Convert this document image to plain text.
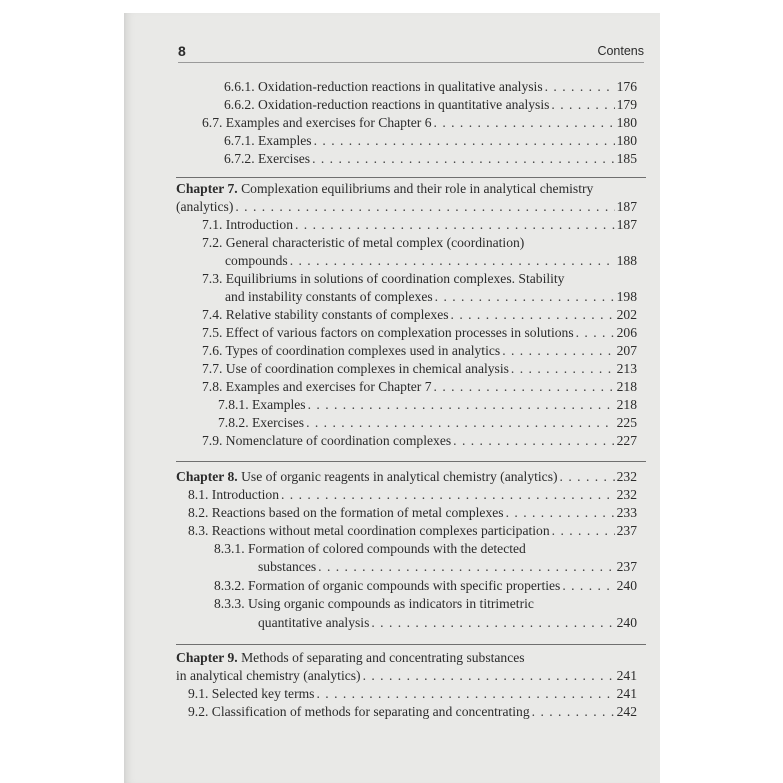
8	Contens
6.6.1. Oxidation-reduction reactions in qualitative analysis . . .	176
6.6.2. Oxidation-reduction reactions in quantitative analysis . . .	179
6.7. Examples and exercises for Chapter 6 . . .	180
6.7.1. Examples . . .	180
6.7.2. Exercises . . .	185
Chapter 7. Complexation equilibriums and their role in analytical chemistry
(analytics) . . .	187
7.1. Introduction . . .	187
7.2. General characteristic of metal complex (coordination)
compounds . . .	188
7.3. Equilibriums in solutions of coordination complexes. Stability
and instability constants of complexes . . .	198
7.4. Relative stability constants of complexes . . .	202
7.5. Effect of various factors on complexation processes in solutions . . .	206
7.6. Types of coordination complexes used in analytics . . .	207
7.7. Use of coordination complexes in chemical analysis . . .	213
7.8. Examples and exercises for Chapter 7 . . .	218
7.8.1. Examples . . .	218
7.8.2. Exercises . . .	225
7.9. Nomenclature of coordination complexes . . .	227
Chapter 8. Use of organic reagents in analytical chemistry (analytics) . . .	232
8.1. Introduction . . .	232
8.2. Reactions based on the formation of metal complexes . . .	233
8.3. Reactions without metal coordination complexes participation . . .	237
8.3.1. Formation of colored compounds with the detected
substances . . .	237
8.3.2. Formation of organic compounds with specific properties . . .	240
8.3.3. Using organic compounds as indicators in titrimetric
quantitative analysis . . .	240
Chapter 9. Methods of separating and concentrating substances
in analytical chemistry (analytics) . . .	241
9.1. Selected key terms . . .	241
9.2. Classification of methods for separating and concentrating . . .	242
